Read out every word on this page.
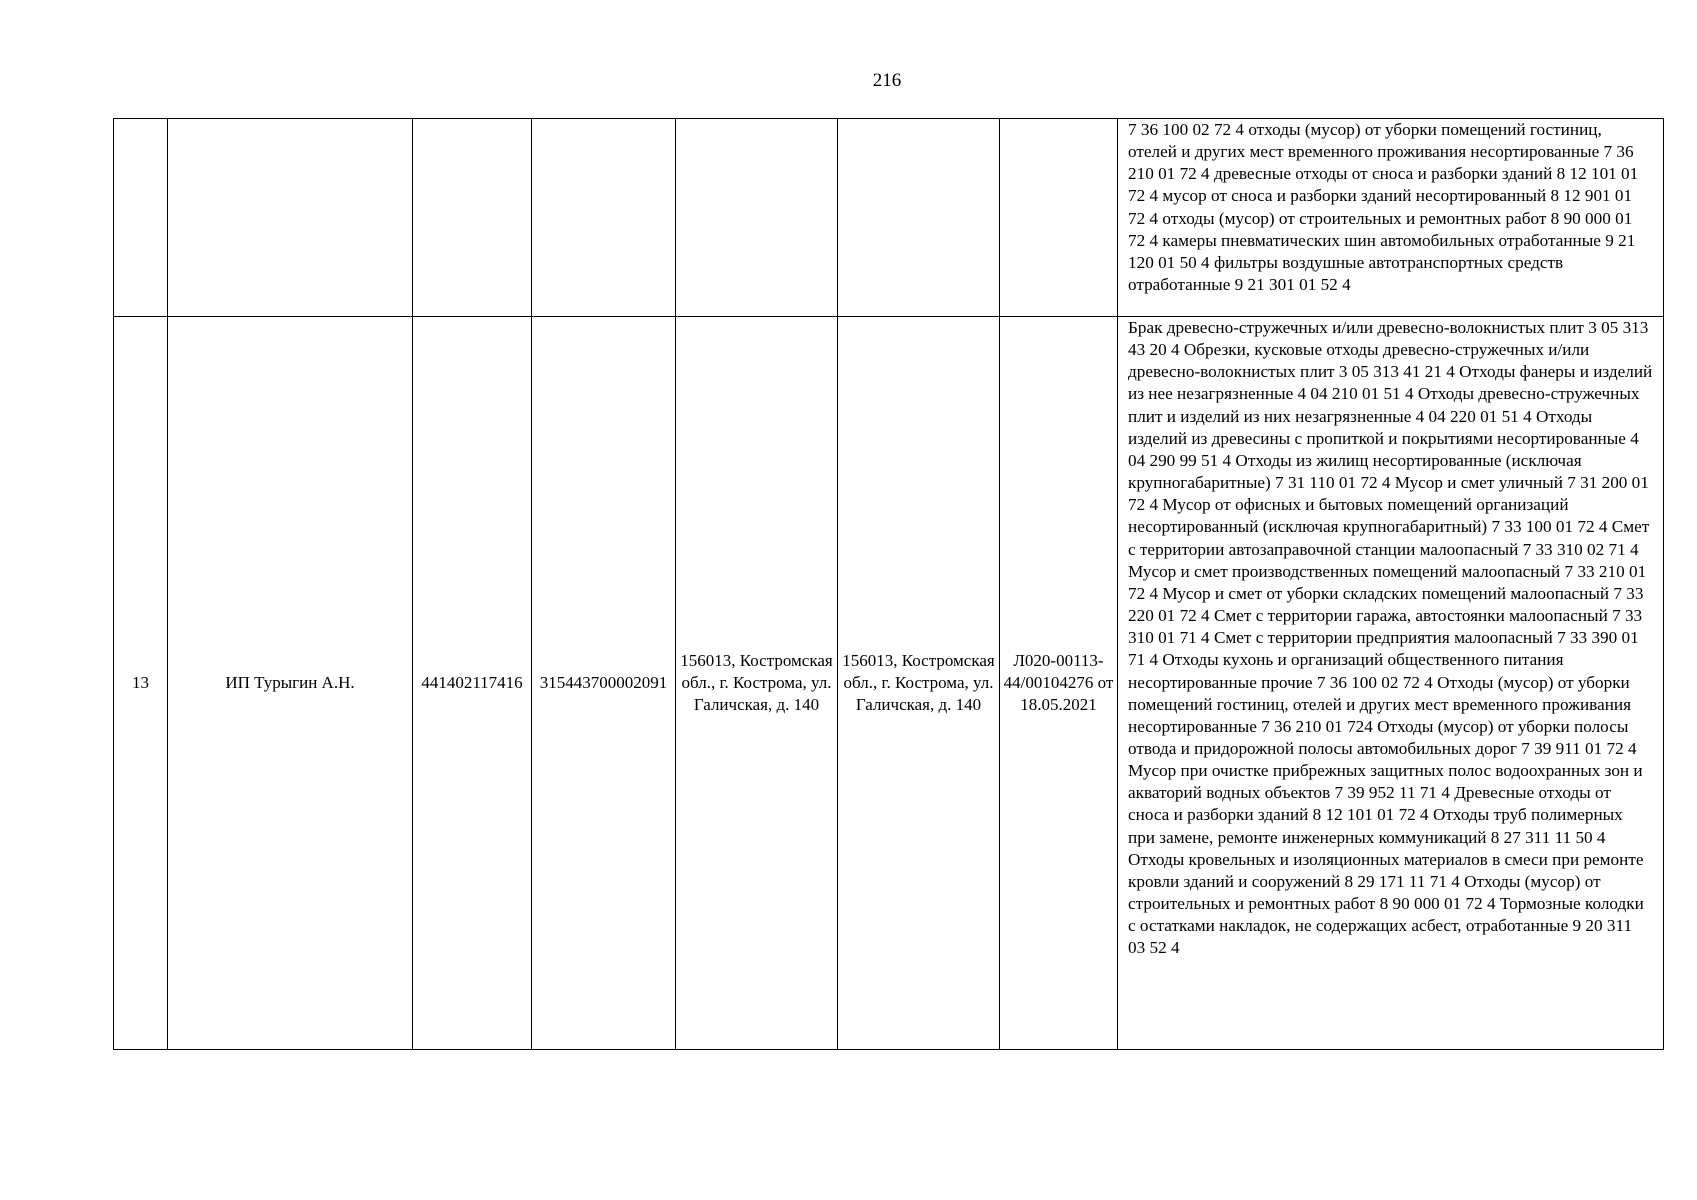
216
							7 36 100 02 72 4 отходы (мусор) от уборки помещений гостиниц, отелей и других мест временного проживания несортированные 7 36 210 01 72 4 древесные отходы от сноса и разборки зданий 8 12 101 01 72 4 мусор от сноса и разборки зданий несортированный 8 12 901 01 72 4 отходы (мусор) от строительных и ремонтных работ 8 90 000 01 72 4 камеры пневматических шин автомобильных отработанные 9 21 120 01 50 4 фильтры воздушные автотранспортных средств отработанные 9 21 301 01 52 4
13	ИП Турыгин А.Н.	441402117416	315443700002091	156013, Костромская обл., г. Кострома, ул. Галичская, д. 140	156013, Костромская обл., г. Кострома, ул. Галичская, д. 140	Л020-00113-44/00104276 от 18.05.2021	Брак древесно-стружечных и/или древесно-волокнистых плит 3 05 313 43 20 4 Обрезки, кусковые отходы древесно-стружечных и/или древесно-волокнистых плит 3 05 313 41 21 4 Отходы фанеры и изделий из нее незагрязненные 4 04 210 01 51 4 Отходы древесно-стружечных плит и изделий из них незагрязненные 4 04 220 01 51 4 Отходы изделий из древесины с пропиткой и покрытиями несортированные 4 04 290 99 51 4 Отходы из жилищ несортированные (исключая крупногабаритные) 7 31 110 01 72 4 Мусор и смет уличный 7 31 200 01 72 4 Мусор от офисных и бытовых помещений организаций несортированный (исключая крупногабаритный) 7 33 100 01 72 4 Смет с территории автозаправочной станции малоопасный 7 33 310 02 71 4 Мусор и смет производственных помещений малоопасный 7 33 210 01 72 4 Мусор и смет от уборки складских помещений малоопасный 7 33 220 01 72 4 Смет с территории гаража, автостоянки малоопасный 7 33 310 01 71 4 Смет с территории предприятия малоопасный 7 33 390 01 71 4 Отходы кухонь и организаций общественного питания несортированные прочие 7 36 100 02 72 4 Отходы (мусор) от уборки помещений гостиниц, отелей и других мест временного проживания несортированные 7 36 210 01 724 Отходы (мусор) от уборки полосы отвода и придорожной полосы автомобильных дорог 7 39 911 01 72 4 Мусор при очистке прибрежных защитных полос водоохранных зон и акваторий водных объектов 7 39 952 11 71 4 Древесные отходы от сноса и разборки зданий 8 12 101 01 72 4 Отходы труб полимерных при замене, ремонте инженерных коммуникаций 8 27 311 11 50 4 Отходы кровельных и изоляционных материалов в смеси при ремонте кровли зданий и сооружений 8 29 171 11 71 4 Отходы (мусор) от строительных и ремонтных работ 8 90 000 01 72 4 Тормозные колодки с остатками накладок, не содержащих асбест, отработанные 9 20 311 03 52 4
